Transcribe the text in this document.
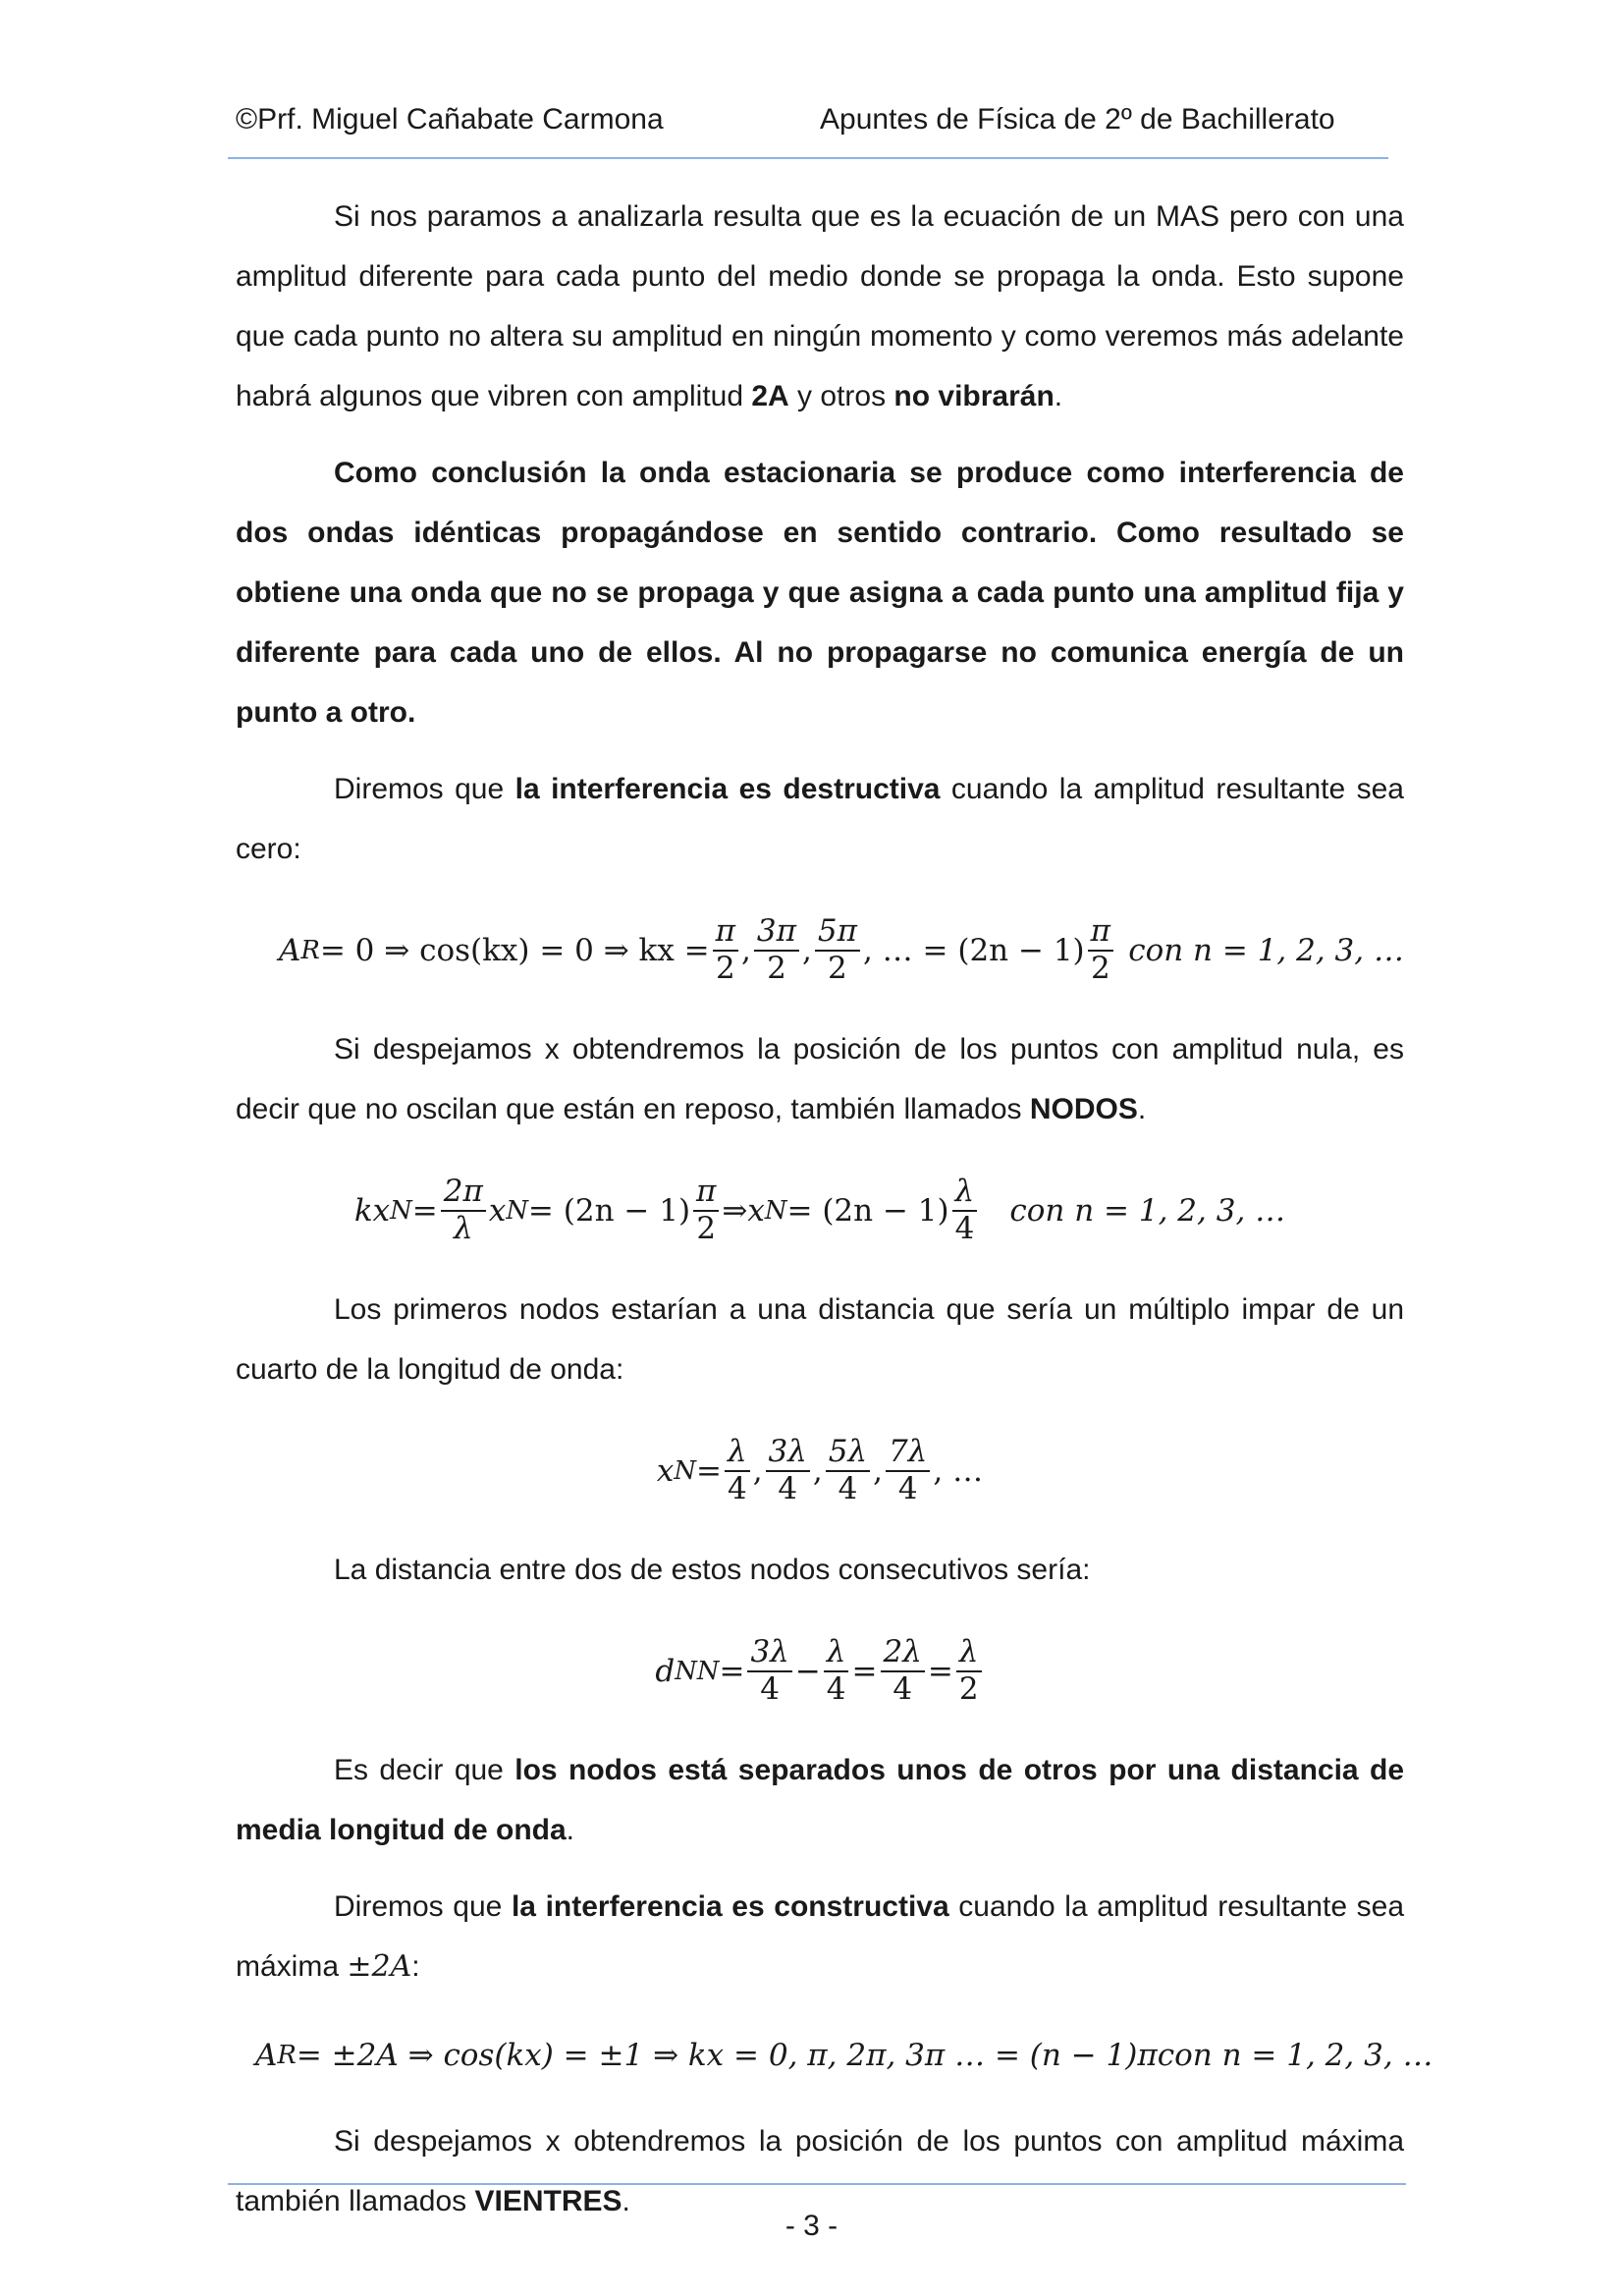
©Prf. Miguel Cañabate Carmona	Apuntes de Física de 2º de Bachillerato

Si nos paramos a analizarla resulta que es la ecuación de un MAS pero con una amplitud diferente para cada punto del medio donde se propaga la onda. Esto supone que cada punto no altera su amplitud en ningún momento y como veremos más adelante habrá algunos que vibren con amplitud 2A y otros no vibrarán.

Como conclusión la onda estacionaria se produce como interferencia de dos ondas idénticas propagándose en sentido contrario. Como resultado se obtiene una onda que no se propaga y que asigna a cada punto una amplitud fija y diferente para cada uno de ellos. Al no propagarse no comunica energía de un punto a otro.

Diremos que la interferencia es destructiva cuando la amplitud resultante sea cero:

A R = 0 ⇒ cos(kx) = 0 ⇒ kx = $\frac{\pi}{2}$ , $\frac{3\pi}{2}$ , $\frac{5\pi}{2}$ , … = $(2n - 1) \frac{\pi}{2}$ con n = 1, 2, 3, …

Si despejamos x obtendremos la posición de los puntos con amplitud nula, es decir que no oscilan que están en reposo, también llamados NODOS.

kx $N = \frac{2\pi}{\lambda}$ x $N = (2n - 1) \frac{\pi}{2}$ ⇒ x $N = (2n - 1) \frac{\lambda}{4}$ con n = 1, 2, 3, …

Los primeros nodos estarían a una distancia que sería un múltiplo impar de un cuarto de la longitud de onda:

x $N = \frac{\lambda}{4}$ , $\frac{3\lambda}{4}$ , $\frac{5\lambda}{4}$ , $\frac{7\lambda}{4}$ , …

La distancia entre dos de estos nodos consecutivos sería:

d NN = $\frac{3\lambda}{4} - \frac{\lambda}{4} = \frac{2\lambda}{4} = \frac{\lambda}{2}$

Es decir que los nodos está separados unos de otros por una distancia de media longitud de onda.

Diremos que la interferencia es constructiva cuando la amplitud resultante sea máxima ±2A:

A R = ±2A ⇒ cos(kx) = ±1 ⇒ kx = 0, π, 2π, 3π … = (n − 1)π con n = 1, 2, 3, …

Si despejamos x obtendremos la posición de los puntos con amplitud máxima también llamados VIENTRES.

- 3 -
